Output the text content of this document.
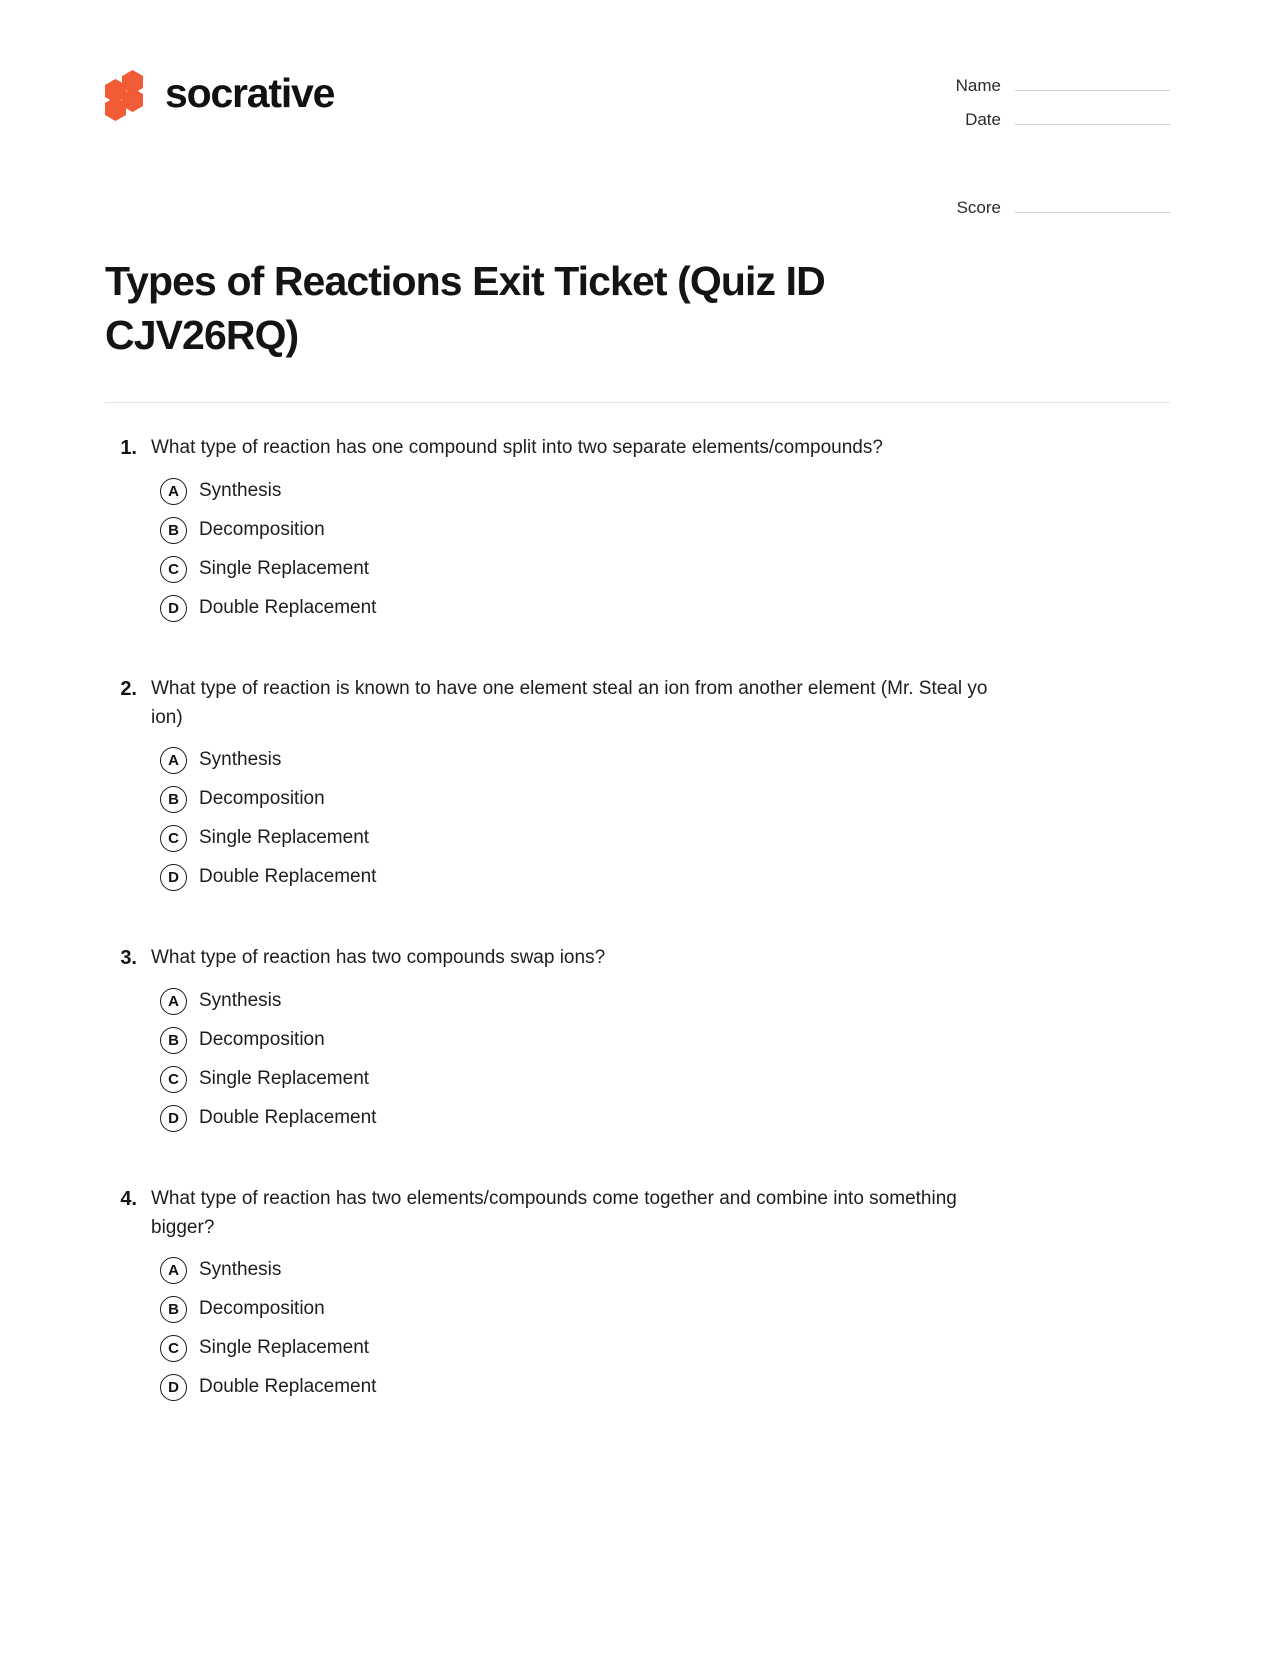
socrative	Name
Date
Score
Types of Reactions Exit Ticket (Quiz ID CJV26RQ)
1. What type of reaction has one compound split into two separate elements/compounds?
A	Synthesis
B	Decomposition
C	Single Replacement
D	Double Replacement
2. What type of reaction is known to have one element steal an ion from another element (Mr. Steal yo ion)
A	Synthesis
B	Decomposition
C	Single Replacement
D	Double Replacement
3. What type of reaction has two compounds swap ions?
A	Synthesis
B	Decomposition
C	Single Replacement
D	Double Replacement
4. What type of reaction has two elements/compounds come together and combine into something bigger?
A	Synthesis
B	Decomposition
C	Single Replacement
D	Double Replacement
